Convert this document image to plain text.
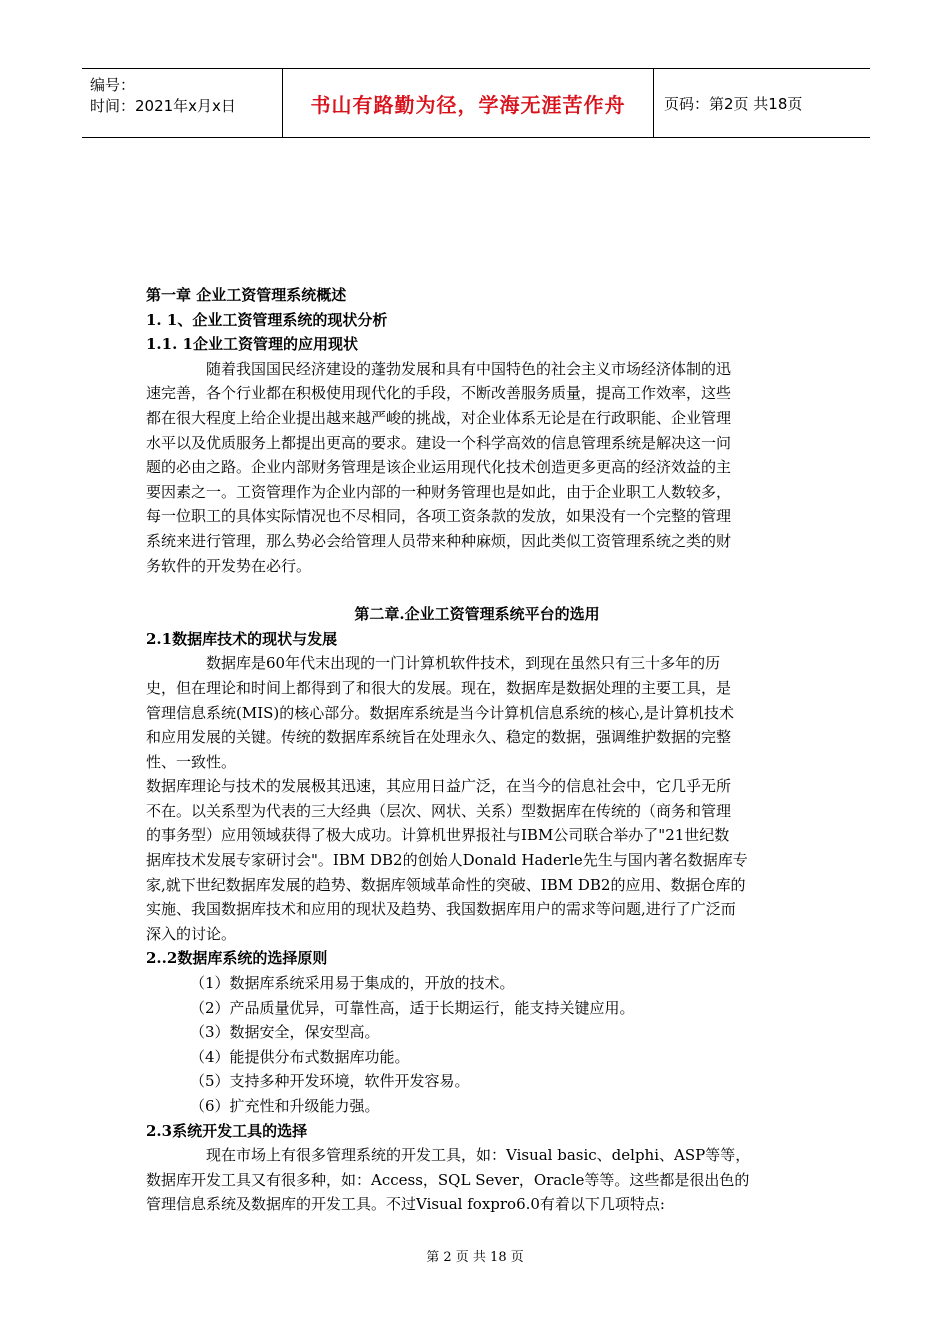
编号：
时间：2021年x月x日	书山有路勤为径，学海无涯苦作舟	页码：第2页 共18页
第一章 企业工资管理系统概述
1. 1、企业工资管理系统的现状分析
1.1. 1企业工资管理的应用现状
随着我国国民经济建设的蓬勃发展和具有中国特色的社会主义市场经济体制的迅
速完善，各个行业都在积极使用现代化的手段，不断改善服务质量，提高工作效率，这些
都在很大程度上给企业提出越来越严峻的挑战，对企业体系无论是在行政职能、企业管理
水平以及优质服务上都提出更高的要求。建设一个科学高效的信息管理系统是解决这一问
题的必由之路。企业内部财务管理是该企业运用现代化技术创造更多更高的经济效益的主
要因素之一。工资管理作为企业内部的一种财务管理也是如此，由于企业职工人数较多，
每一位职工的具体实际情况也不尽相同，各项工资条款的发放，如果没有一个完整的管理
系统来进行管理，那么势必会给管理人员带来种种麻烦，因此类似工资管理系统之类的财
务软件的开发势在必行。
第二章.企业工资管理系统平台的选用
2.1数据库技术的现状与发展
数据库是60年代末出现的一门计算机软件技术，到现在虽然只有三十多年的历
史，但在理论和时间上都得到了和很大的发展。现在，数据库是数据处理的主要工具，是
管理信息系统(MIS)的核心部分。数据库系统是当今计算机信息系统的核心,是计算机技术
和应用发展的关键。传统的数据库系统旨在处理永久、稳定的数据，强调维护数据的完整
性、一致性。
数据库理论与技术的发展极其迅速，其应用日益广泛，在当今的信息社会中，它几乎无所
不在。以关系型为代表的三大经典（层次、网状、关系）型数据库在传统的（商务和管理
的事务型）应用领域获得了极大成功。计算机世界报社与IBM公司联合举办了"21世纪数
据库技术发展专家研讨会"。IBM DB2的创始人Donald Haderle先生与国内著名数据库专
家,就下世纪数据库发展的趋势、数据库领域革命性的突破、IBM DB2的应用、数据仓库的
实施、我国数据库技术和应用的现状及趋势、我国数据库用户的需求等问题,进行了广泛而
深入的讨论。
2..2数据库系统的选择原则
（1）数据库系统采用易于集成的，开放的技术。
（2）产品质量优异，可靠性高，适于长期运行，能支持关键应用。
（3）数据安全，保安型高。
（4）能提供分布式数据库功能。
（5）支持多种开发环境，软件开发容易。
（6）扩充性和升级能力强。
2.3系统开发工具的选择
现在市场上有很多管理系统的开发工具，如：Visual basic、delphi、ASP等等，
数据库开发工具又有很多种，如：Access，SQL Sever，Oracle等等。这些都是很出色的
管理信息系统及数据库的开发工具。不过Visual foxpro6.0有着以下几项特点:
第 2 页 共 18 页
